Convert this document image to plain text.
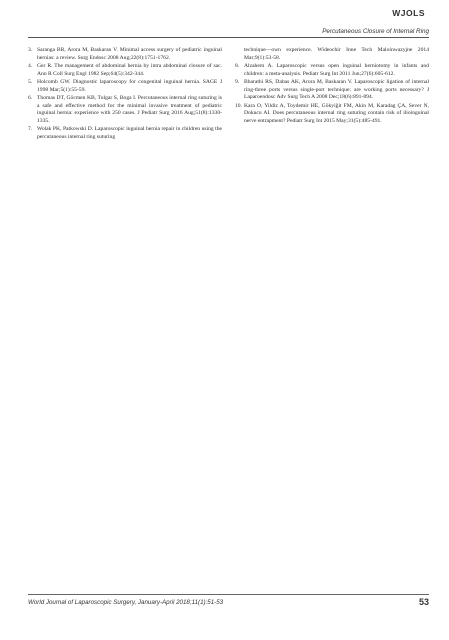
WJOLS
Percutaneous Closure of Internal Ring
3. Saranga BR, Arora M, Baskaran V. Minimal access surgery of pediatric inguinal hernias: a review. Surg Endosc 2008 Aug;22(8):1751-1762.
4. Ger R. The management of abdominal hernia by intra abdominal closure of sac. Ann R Coll Surg Engl 1982 Sep;64(5):342-344.
5. Holcomb GW. Diagnostic laparoscopy for congenital inguinal hernia. SAGE J 1998 Mar;5(1):55-59.
6. Thomas DT, Göcmen KB, Tulgar S, Boga I. Percutaneous internal ring suturing is a safe and effective method for the minimal invasive treatment of pediatric inguinal hernia: experience with 250 cases. J Pediatr Surg 2016 Aug;51(8):1330-1335.
7. Wolak PK, Patkowski D. Laparoscopic inguinal hernia repair in children using the percutaneous internal ring suturing
technique—own experience. Wideochir Inne Tech Maloinwazyjne 2014 Mar;9(1):53-58.
8. Alzahem A. Laparoscopic versus open inguinal herniotomy in infants and children: a meta-analysis. Pediatr Surg Int 2011 Jun;27(6):605-612.
9. Bharathi RS, Dabas AK, Arora M, Baskaran V. Laparoscopic ligation of internal ring-three ports versus single-port technique: are working ports necessary? J Laparoendosc Adv Surg Tech A 2008 Dec;18(6):891-894.
10. Kara O, Yildiz A, Toydemir HE, Gökyiğit FM, Akin M, Karadag ÇA, Sever N, Dokucu AI. Does percutaneous internal ring suturing contain risk of ilioinguinal nerve entrapment? Pediatr Surg Int 2015 May;31(5):485-491.
World Journal of Laparoscopic Surgery, January-April 2018;11(1):51-53	53
